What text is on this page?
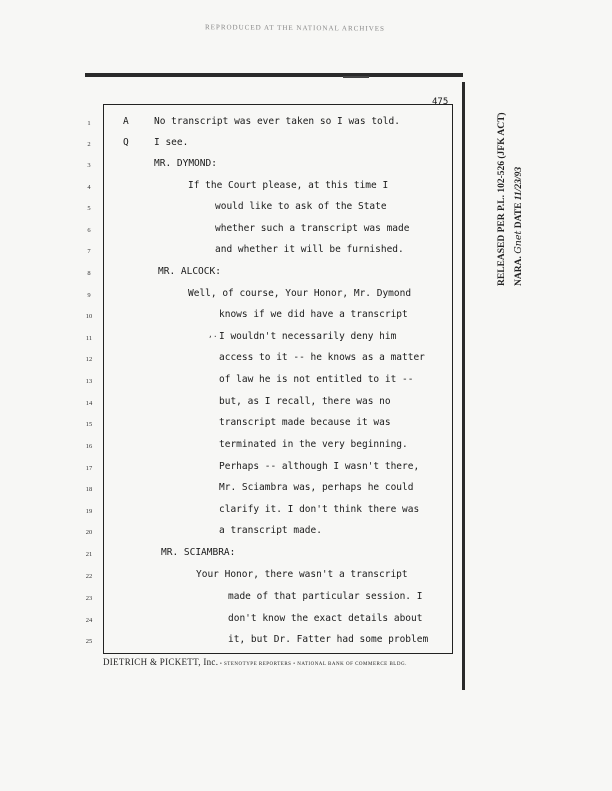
REPRODUCED AT THE NATIONAL ARCHIVES
475
RELEASED PER P.L. 102-526 (JFK ACT) NARA. Gnet DATE 11/23/93
1	A	No transcript was ever taken so I was told.
2	Q	I see.
3	MR. DYMOND:
4	If the Court please, at this time I
5	would like to ask of the State
6	whether such a transcript was made
7	and whether it will be furnished.
8	MR. ALCOCK:
9	Well, of course, Your Honor, Mr. Dymond
10	knows if we did have a transcript
11	,. I wouldn't necessarily deny him
12	access to it -- he knows as a matter
13	of law he is not entitled to it --
14	but, as I recall, there was no
15	transcript made because it was
16	terminated in the very beginning.
17	Perhaps -- although I wasn't there,
18	Mr. Sciambra was, perhaps he could
19	clarify it. I don't think there was
20	a transcript made.
21	MR. SCIAMBRA:
22	Your Honor, there wasn't a transcript
23	made of that particular session. I
24	don't know the exact details about
25	it, but Dr. Fatter had some problem
DIETRICH & PICKETT, Inc. • STENOTYPE REPORTERS • NATIONAL BANK OF COMMERCE BLDG.
